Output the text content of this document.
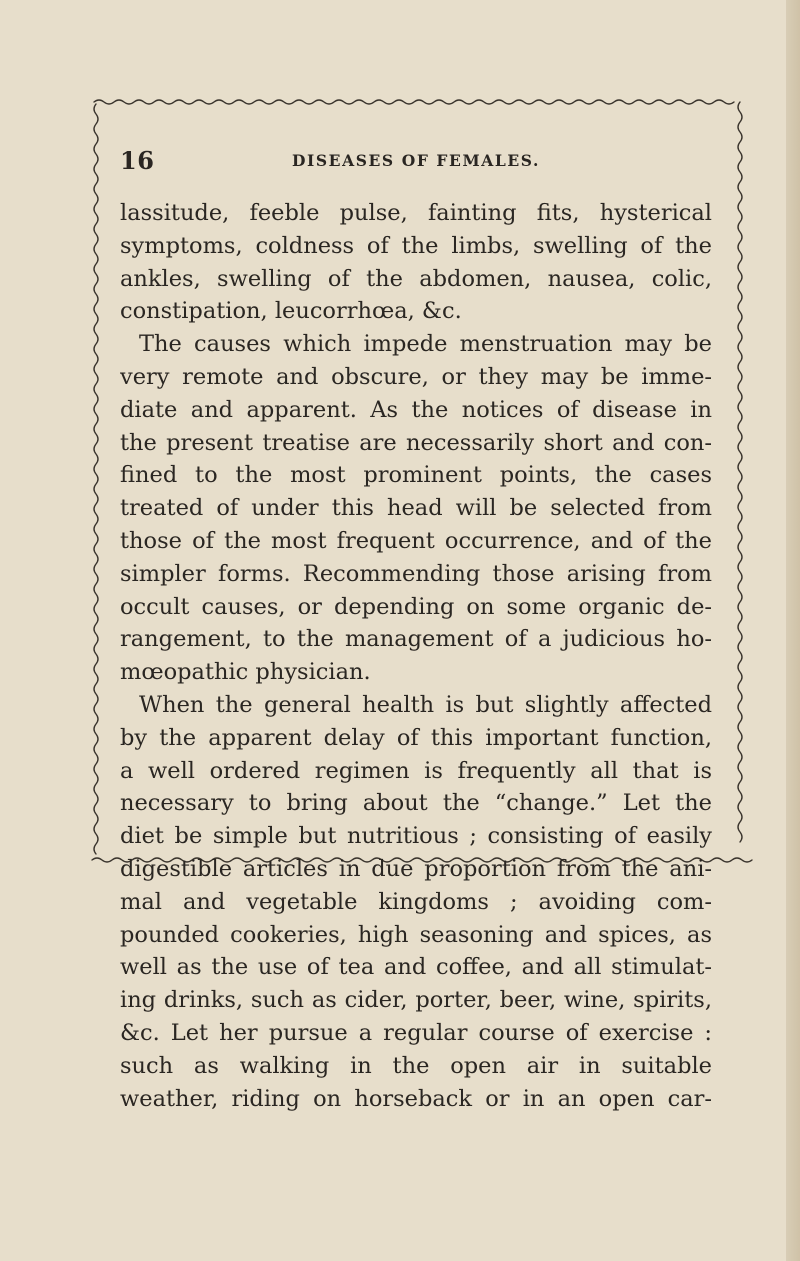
16	DISEASES OF FEMALES.
lassitude, feeble pulse, fainting fits, hysterical
symptoms, coldness of the limbs, swelling of the
ankles, swelling of the abdomen, nausea, colic,
constipation, leucorrhœa, &c.
The causes which impede menstruation may be
very remote and obscure, or they may be imme-
diate and apparent. As the notices of disease in
the present treatise are necessarily short and con-
fined to the most prominent points, the cases
treated of under this head will be selected from
those of the most frequent occurrence, and of the
simpler forms. Recommending those arising from
occult causes, or depending on some organic de-
rangement, to the management of a judicious ho-
mœopathic physician.
When the general health is but slightly affected
by the apparent delay of this important function,
a well ordered regimen is frequently all that is
necessary to bring about the “change.” Let the
diet be simple but nutritious ; consisting of easily
digestible articles in due proportion from the ani-
mal and vegetable kingdoms ; avoiding com-
pounded cookeries, high seasoning and spices, as
well as the use of tea and coffee, and all stimulat-
ing drinks, such as cider, porter, beer, wine, spirits,
&c. Let her pursue a regular course of exercise :
such as walking in the open air in suitable
weather, riding on horseback or in an open car-
